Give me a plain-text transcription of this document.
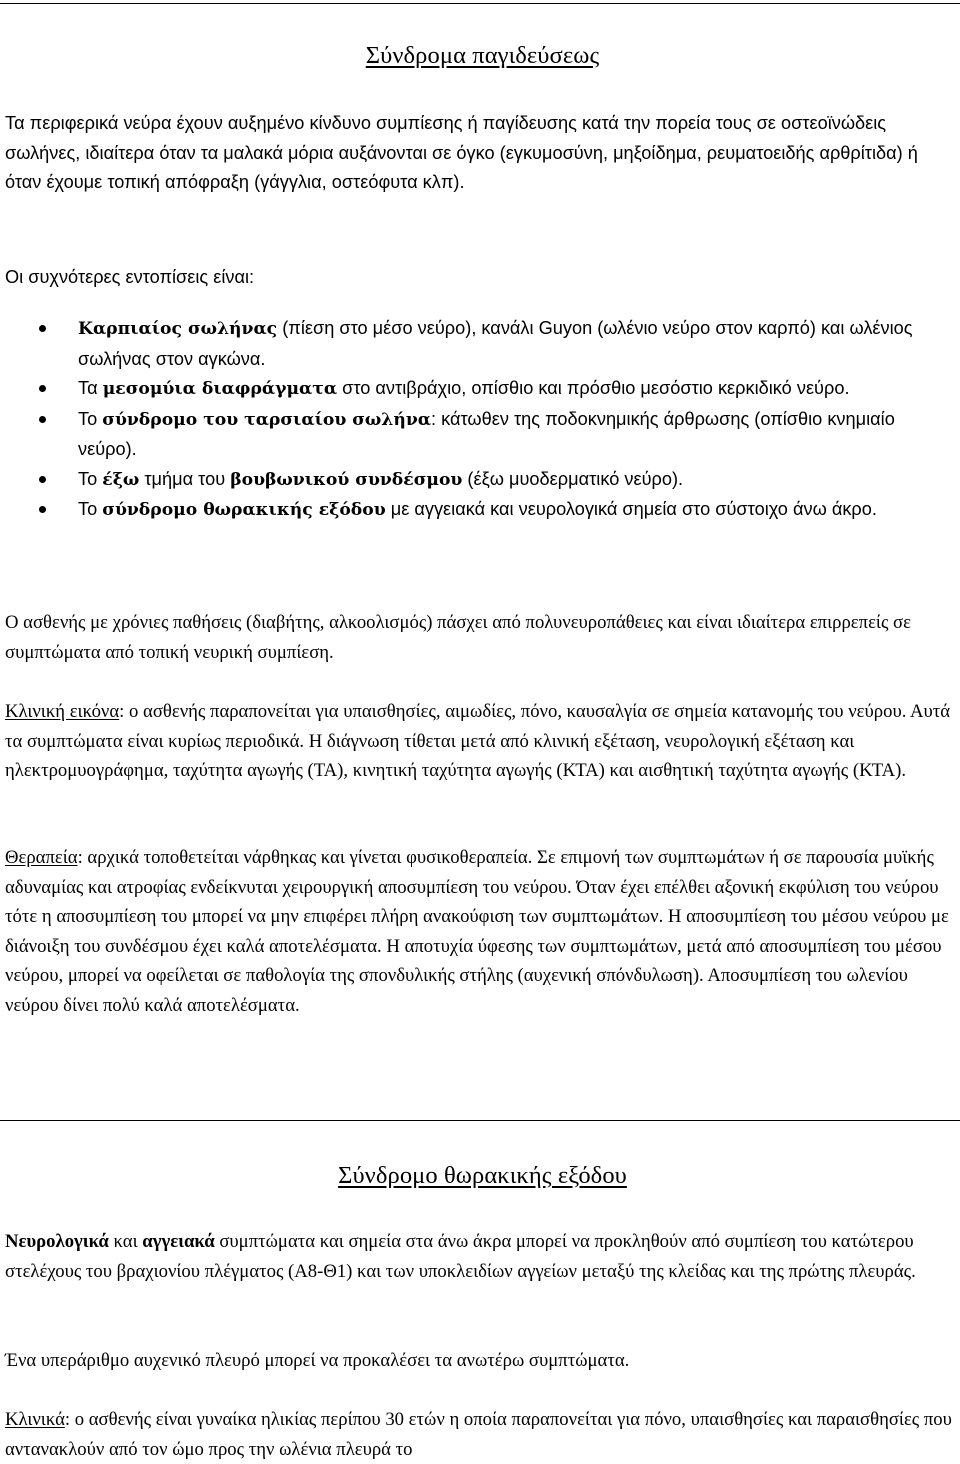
Σύνδρομα παγιδεύσεως

Τα περιφερικά νεύρα έχουν αυξημένο κίνδυνο συμπίεσης ή παγίδευσης κατά την πορεία τους σε οστεοϊνώδεις σωλήνες, ιδιαίτερα όταν τα μαλακά μόρια αυξάνονται σε όγκο (εγκυμοσύνη, μηξοίδημα, ρευματοειδής αρθρίτιδα) ή όταν έχουμε τοπική απόφραξη (γάγγλια, οστεόφυτα κλπ).

Οι συχνότερες εντοπίσεις είναι:

Καρπιαίος σωλήνας (πίεση στο μέσο νεύρο), κανάλι Guyon (ωλένιο νεύρο στον καρπό) και ωλένιος σωλήνας στον αγκώνα.
Τα μεσομύια διαφράγματα στο αντιβράχιο, οπίσθιο και πρόσθιο μεσόστιο κερκιδικό νεύρο.
Το σύνδρομο του ταρσιαίου σωλήνα: κάτωθεν της ποδοκνημικής άρθρωσης (οπίσθιο κνημιαίο νεύρο).
Το έξω τμήμα του βουβωνικού συνδέσμου (έξω μυοδερματικό νεύρο).
Το σύνδρομο θωρακικής εξόδου με αγγειακά και νευρολογικά σημεία στο σύστοιχο άνω άκρο.

Ο ασθενής με χρόνιες παθήσεις (διαβήτης, αλκοολισμός) πάσχει από πολυνευροπάθειες και είναι ιδιαίτερα επιρρεπείς σε συμπτώματα από τοπική νευρική συμπίεση.

Κλινική εικόνα: ο ασθενής παραπονείται για υπαισθησίες, αιμωδίες, πόνο, καυσαλγία σε σημεία κατανομής του νεύρου. Αυτά τα συμπτώματα είναι κυρίως περιοδικά. Η διάγνωση τίθεται μετά από κλινική εξέταση, νευρολογική εξέταση και ηλεκτρομυογράφημα, ταχύτητα αγωγής (ΤΑ), κινητική ταχύτητα αγωγής (ΚΤΑ) και αισθητική ταχύτητα αγωγής (ΚΤΑ).

Θεραπεία: αρχικά τοποθετείται νάρθηκας και γίνεται φυσικοθεραπεία. Σε επιμονή των συμπτωμάτων ή σε παρουσία μυϊκής αδυναμίας και ατροφίας ενδείκνυται χειρουργική αποσυμπίεση του νεύρου. Όταν έχει επέλθει αξονική εκφύλιση του νεύρου τότε η αποσυμπίεση του μπορεί να μην επιφέρει πλήρη ανακούφιση των συμπτωμάτων. Η αποσυμπίεση του μέσου νεύρου με διάνοιξη του συνδέσμου έχει καλά αποτελέσματα. Η αποτυχία ύφεσης των συμπτωμάτων, μετά από αποσυμπίεση του μέσου νεύρου, μπορεί να οφείλεται σε παθολογία της σπονδυλικής στήλης (αυχενική σπόνδυλωση). Αποσυμπίεση του ωλενίου νεύρου δίνει πολύ καλά αποτελέσματα.

Σύνδρομο θωρακικής εξόδου

Νευρολογικά και αγγειακά συμπτώματα και σημεία στα άνω άκρα μπορεί να προκληθούν από συμπίεση του κατώτερου στελέχους του βραχιονίου πλέγματος (Α8-Θ1) και των υποκλειδίων αγγείων μεταξύ της κλείδας και της πρώτης πλευράς.

Ένα υπεράριθμο αυχενικό πλευρό μπορεί να προκαλέσει τα ανωτέρω συμπτώματα.

Κλινικά: ο ασθενής είναι γυναίκα ηλικίας περίπου 30 ετών η οποία παραπονείται για πόνο, υπαισθησίες και παραισθησίες που αντανακλούν από τον ώμο προς την ωλένια πλευρά το
